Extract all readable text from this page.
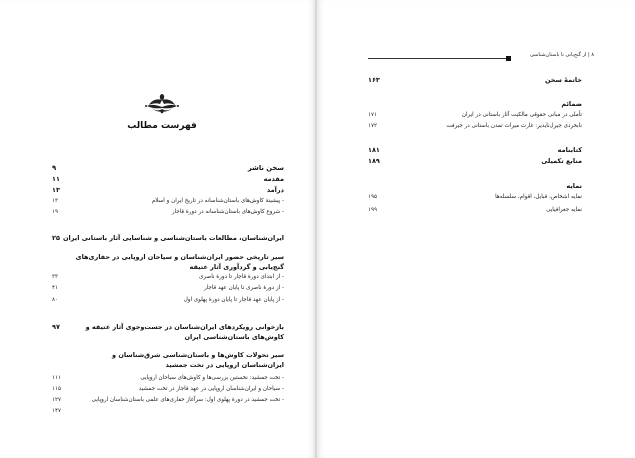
فهرست مطالب
سخن ناشر
۹
مقدمه
۱۱
درآمد
۱۳
- پیشینهٔ کاوش‌های باستان‌شناسانه در تاریخ ایران و اسلام
۱۳
- شروع کاوش‌های باستان‌شناسانه در دورهٔ قاجار
۱۹
ایران‌شناسان، مطالعات باستان‌شناسی و شناسایی آثار باستانی ایران
۲۵
سیر تاریخی حضور ایران‌شناسان و سیاحان اروپایی در حفاری‌های گنج‌یابی و گردآوری آثار عتیقه
- از ابتدای دورهٔ قاجار تا دورهٔ ناصری
۳۳
- از دورهٔ ناصری تا پایان عهد قاجار
۴۱
- از پایان عهد قاجار تا پایان دورهٔ پهلوی اول
۸۰
بازخوانی رویکردهای ایران‌شناسان در جست‌وجوی آثار عتیقه و کاوش‌های باستان‌شناسی ایران
۹۷
سیر تحولات کاوش‌ها و باستان‌شناسی شرق‌شناسان و ایران‌شناسان اروپایی در تخت جمشید
- تخت جمشید: نخستین بررسی‌ها و کاوش‌های سیاحان اروپایی
۱۱۱
- سیاحان و ایران‌شناسان اروپایی در عهد قاجار در تخت جمشید
۱۱۵
- تخت جمشید در دورهٔ پهلوی اول: سرآغاز حفاری‌های علمی باستان‌شناسان اروپایی
۱۲۷
۱۴۷
۸ | از گنج‌یابی تا باستان‌شناسی
خاتمهٔ سخن
۱۶۳
ضمائم
تأملی در مبانی حقوقی مالکیت آثار باستانی در ایران
۱۷۱
نابخردی جیرل‌نایدیر: غارت میراث تمدن باستانی در جیرفت
۱۷۲
کتابنامه
۱۸۱
منابع تکمیلی
۱۸۹
نمایه
نمایه اشخاص، قبایل، اقوام، سلسله‌ها
۱۹۵
نمایه جغرافیایی
۱۹۹
